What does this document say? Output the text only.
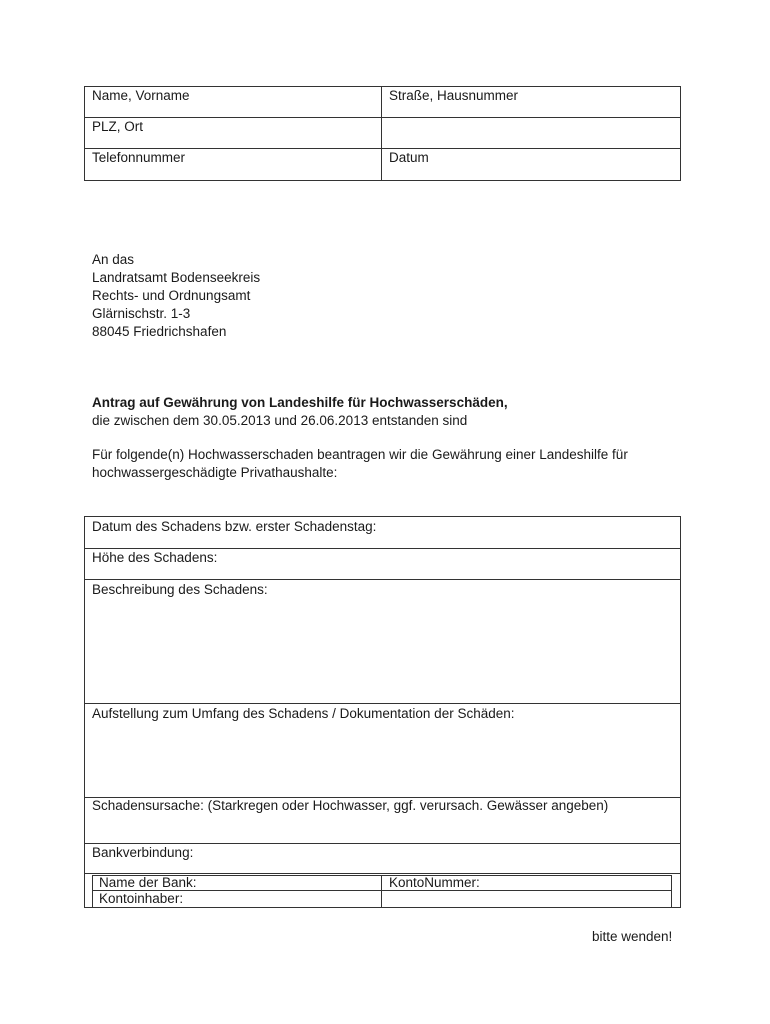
Name, Vorname	Straße, Hausnummer
PLZ, Ort
Telefonnummer	Datum
An das
Landratsamt Bodenseekreis
Rechts- und Ordnungsamt
Glärnischstr. 1-3
88045 Friedrichshafen
Antrag auf Gewährung von Landeshilfe für Hochwasserschäden,
die zwischen dem 30.05.2013 und 26.06.2013 entstanden sind
Für folgende(n) Hochwasserschaden beantragen wir die Gewährung einer Landeshilfe für
hochwassergeschädigte Privathaushalte:
Datum des Schadens bzw. erster Schadenstag:
Höhe des Schadens:
Beschreibung des Schadens:
Aufstellung zum Umfang des Schadens / Dokumentation der Schäden:
Schadensursache: (Starkregen oder Hochwasser, ggf. verursach. Gewässer angeben)
Bankverbindung:
Name der Bank:	KontoNummer:
Kontoinhaber:
bitte wenden!
